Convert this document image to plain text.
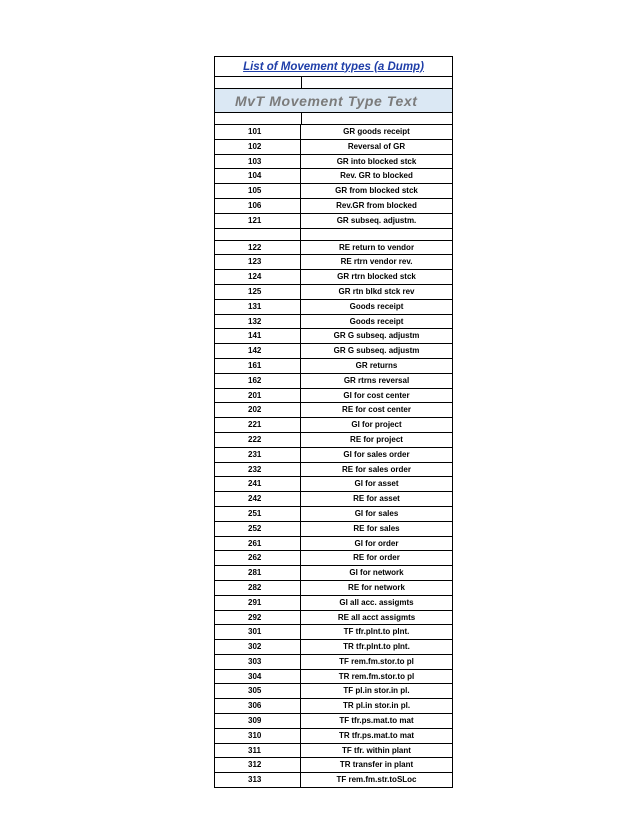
List of Movement types (a Dump)
MvT Movement Type Text
101	GR goods receipt
102	Reversal of GR
103	GR into blocked stck
104	Rev. GR to blocked
105	GR from blocked stck
106	Rev.GR from blocked
121	GR subseq. adjustm.
122	RE return to vendor
123	RE rtrn vendor rev.
124	GR rtrn blocked stck
125	GR rtn blkd stck rev
131	Goods receipt
132	Goods receipt
141	GR G subseq. adjustm
142	GR G subseq. adjustm
161	GR returns
162	GR rtrns reversal
201	GI for cost center
202	RE for cost center
221	GI for project
222	RE for project
231	GI for sales order
232	RE for sales order
241	GI for asset
242	RE for asset
251	GI for sales
252	RE for sales
261	GI for order
262	RE for order
281	GI for network
282	RE for network
291	GI all acc. assigmts
292	RE all acct assigmts
301	TF tfr.plnt.to plnt.
302	TR tfr.plnt.to plnt.
303	TF rem.fm.stor.to pl
304	TR rem.fm.stor.to pl
305	TF pl.in stor.in pl.
306	TR pl.in stor.in pl.
309	TF tfr.ps.mat.to mat
310	TR tfr.ps.mat.to mat
311	TF tfr. within plant
312	TR transfer in plant
313	TF rem.fm.str.toSLoc
